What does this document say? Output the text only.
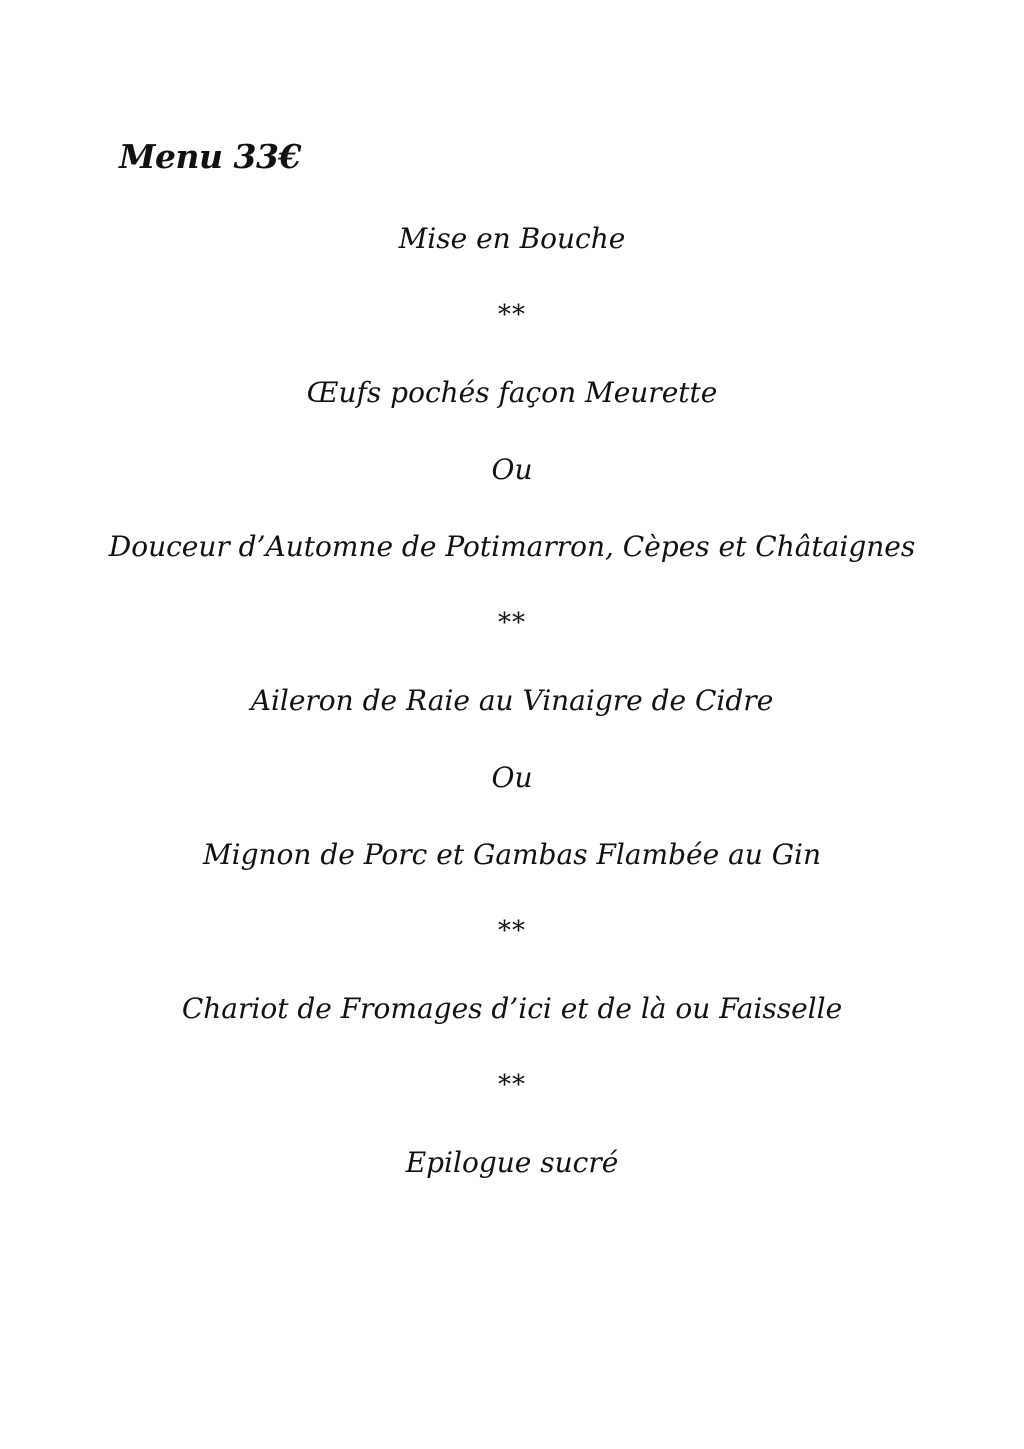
Menu 33€
Mise en Bouche
**
Œufs pochés façon Meurette
Ou
Douceur d’Automne de Potimarron, Cèpes et Châtaignes
**
Aileron de Raie au Vinaigre de Cidre
Ou
Mignon de Porc et Gambas Flambée au Gin
**
Chariot de Fromages d’ici et de là ou Faisselle
**
Epilogue sucré
